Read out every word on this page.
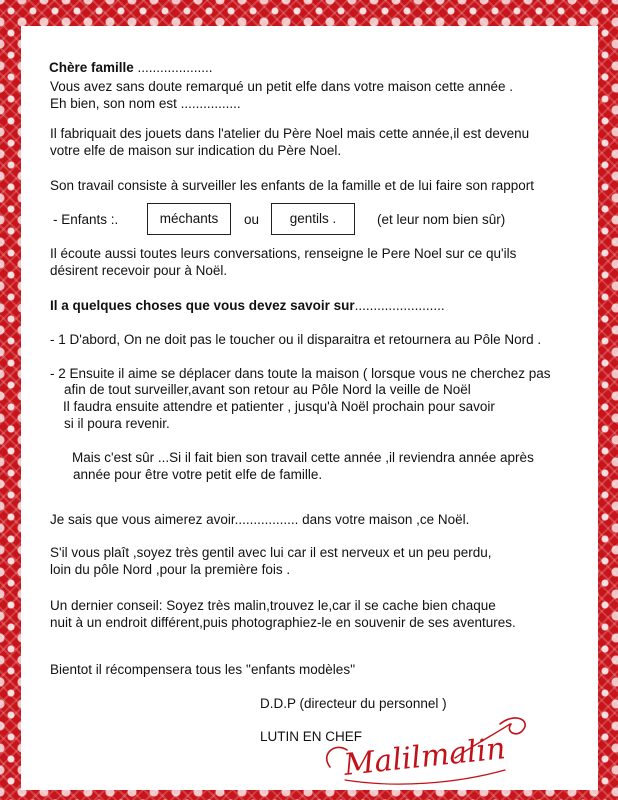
Chère famille ....................
Vous avez sans doute remarqué un petit elfe dans votre maison cette année .
Eh bien, son nom est ................
Il fabriquait des jouets dans l'atelier du Père Noel mais cette année,il est devenu
votre elfe de maison sur indication du Père Noel.
Son travail consiste à surveiller les enfants de la famille et de lui faire son rapport
- Enfants :.	méchants	ou	gentils .	(et leur nom bien sûr)
Il écoute aussi toutes leurs conversations, renseigne le Pere Noel sur ce qu'ils
désirent recevoir pour à Noël.
Il a quelques choses que vous devez savoir sur........................
- 1 D'abord, On ne doit pas le toucher ou il disparaitra et retournera au Pôle Nord .
- 2 Ensuite il aime se déplacer dans toute la maison ( lorsque vous ne cherchez pas
afin de tout surveiller,avant son retour au Pôle Nord la veille de Noël
Il faudra ensuite attendre et patienter , jusqu'à Noël prochain pour savoir
si il poura revenir.
Mais c'est sûr ...Si il fait bien son travail cette année ,il reviendra année après
année pour être votre petit elfe de famille.
Je sais que vous aimerez avoir................. dans votre maison ,ce Noël.
S'il vous plaît ,soyez très gentil avec lui car il est nerveux et un peu perdu,
loin du pôle Nord ,pour la première fois .
Un dernier conseil: Soyez très malin,trouvez le,car il se cache bien chaque
nuit à un endroit différent,puis photographiez-le en souvenir de ses aventures.
Bientot il récompensera tous les ''enfants modèles''
D.D.P (directeur du personnel )
LUTIN EN CHEF
Malilmalin
